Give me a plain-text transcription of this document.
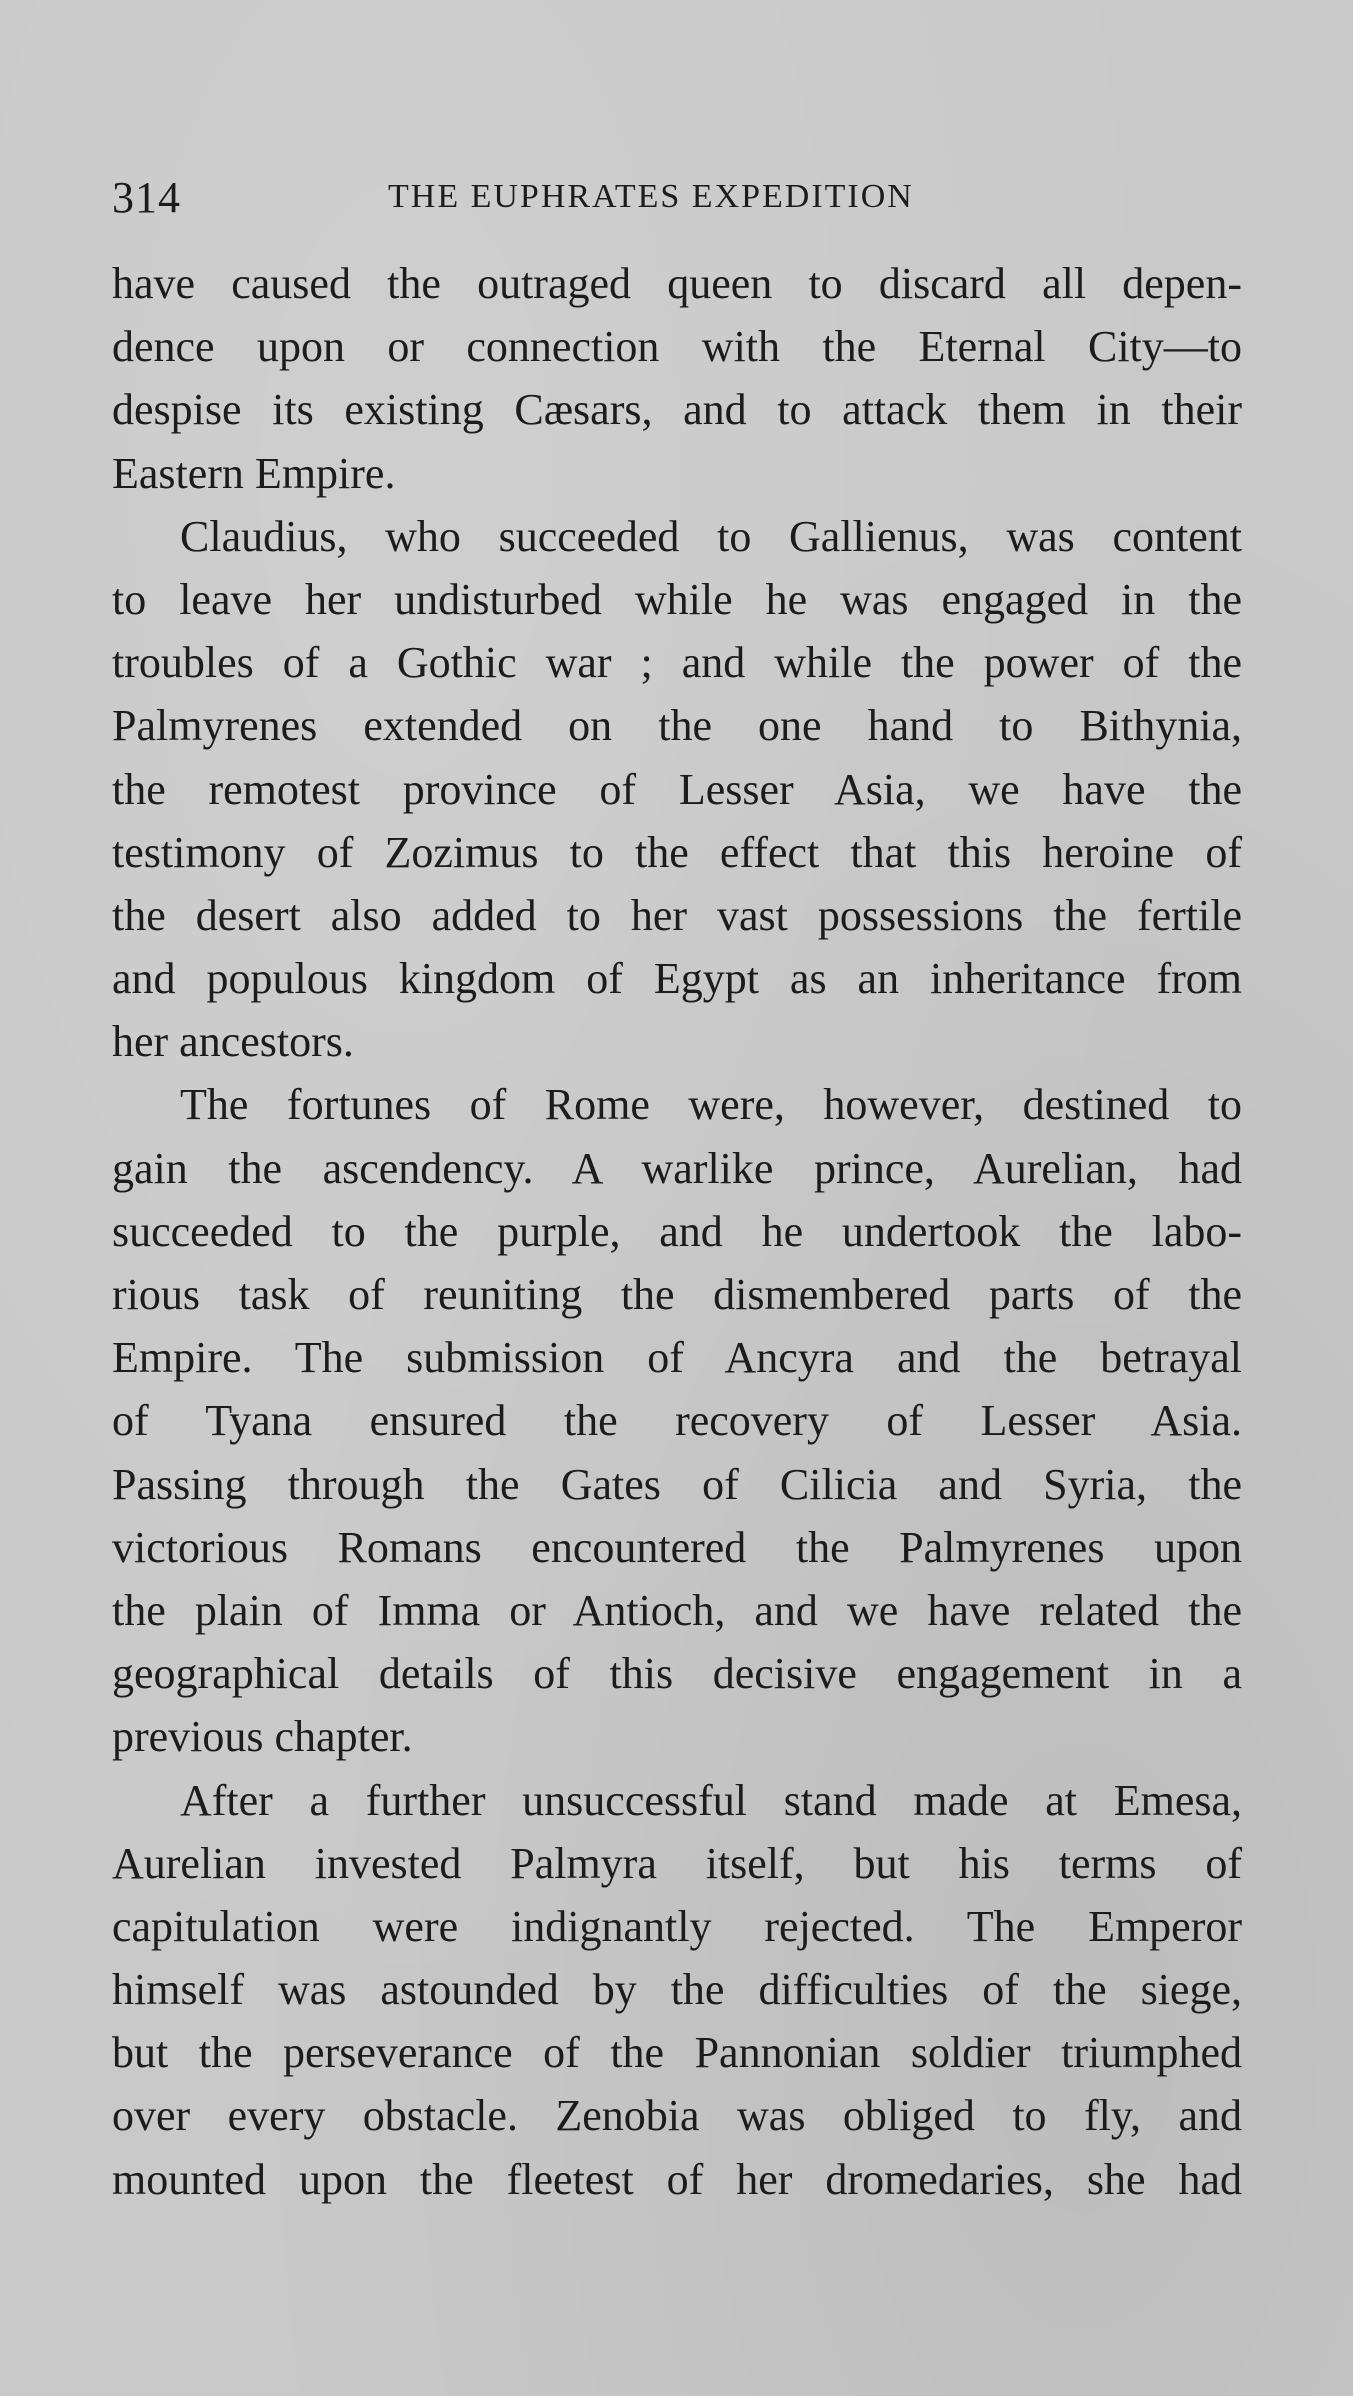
314	THE EUPHRATES EXPEDITION
have caused the outraged queen to discard all depen-
dence upon or connection with the Eternal City—to
despise its existing Cæsars, and to attack them in their
Eastern Empire.
Claudius, who succeeded to Gallienus, was content
to leave her undisturbed while he was engaged in the
troubles of a Gothic war ; and while the power of the
Palmyrenes extended on the one hand to Bithynia,
the remotest province of Lesser Asia, we have the
testimony of Zozimus to the effect that this heroine of
the desert also added to her vast possessions the fertile
and populous kingdom of Egypt as an inheritance from
her ancestors.
The fortunes of Rome were, however, destined to
gain the ascendency. A warlike prince, Aurelian, had
succeeded to the purple, and he undertook the labo-
rious task of reuniting the dismembered parts of the
Empire. The submission of Ancyra and the betrayal
of Tyana ensured the recovery of Lesser Asia.
Passing through the Gates of Cilicia and Syria, the
victorious Romans encountered the Palmyrenes upon
the plain of Imma or Antioch, and we have related the
geographical details of this decisive engagement in a
previous chapter.
After a further unsuccessful stand made at Emesa,
Aurelian invested Palmyra itself, but his terms of
capitulation were indignantly rejected. The Emperor
himself was astounded by the difficulties of the siege,
but the perseverance of the Pannonian soldier triumphed
over every obstacle. Zenobia was obliged to fly, and
mounted upon the fleetest of her dromedaries, she had
